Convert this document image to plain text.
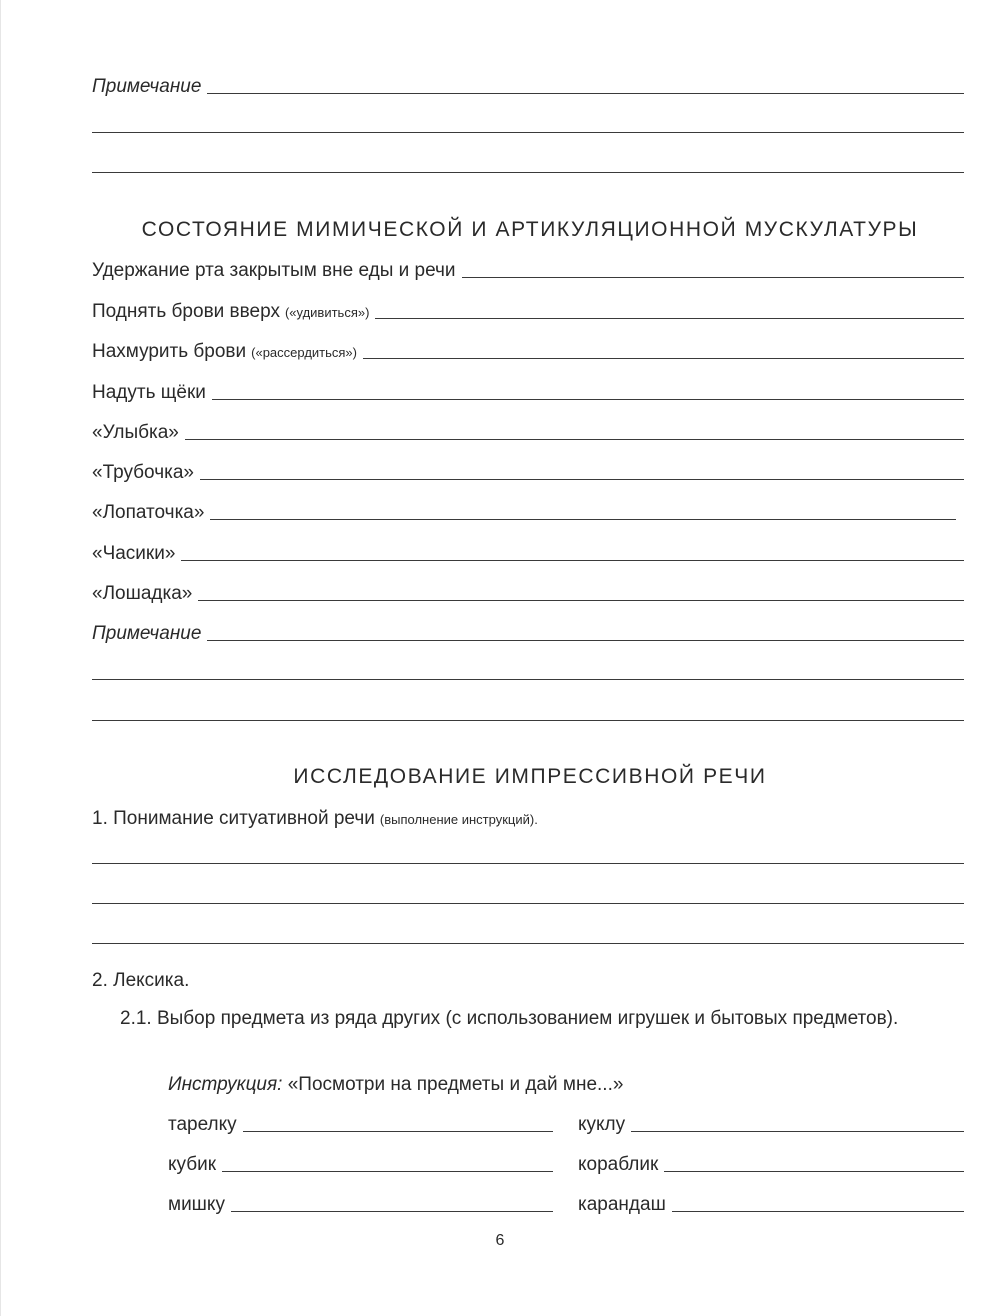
Примечание
СОСТОЯНИЕ МИМИЧЕСКОЙ И АРТИКУЛЯЦИОННОЙ МУСКУЛАТУРЫ
Удержание рта закрытым вне еды и речи
Поднять брови вверх («удивиться»)
Нахмурить брови («рассердиться»)
Надуть щёки
«Улыбка»
«Трубочка»
«Лопаточка»
«Часики»
«Лошадка»
Примечание
ИССЛЕДОВАНИЕ ИМПРЕССИВНОЙ РЕЧИ
1. Понимание ситуативной речи (выполнение инструкций).
2. Лексика.
2.1. Выбор предмета из ряда других (с использованием игрушек и бытовых предметов).
Инструкция: «Посмотри на предметы и дай мне...»
тарелку	куклу
кубик	кораблик
мишку	карандаш
6
